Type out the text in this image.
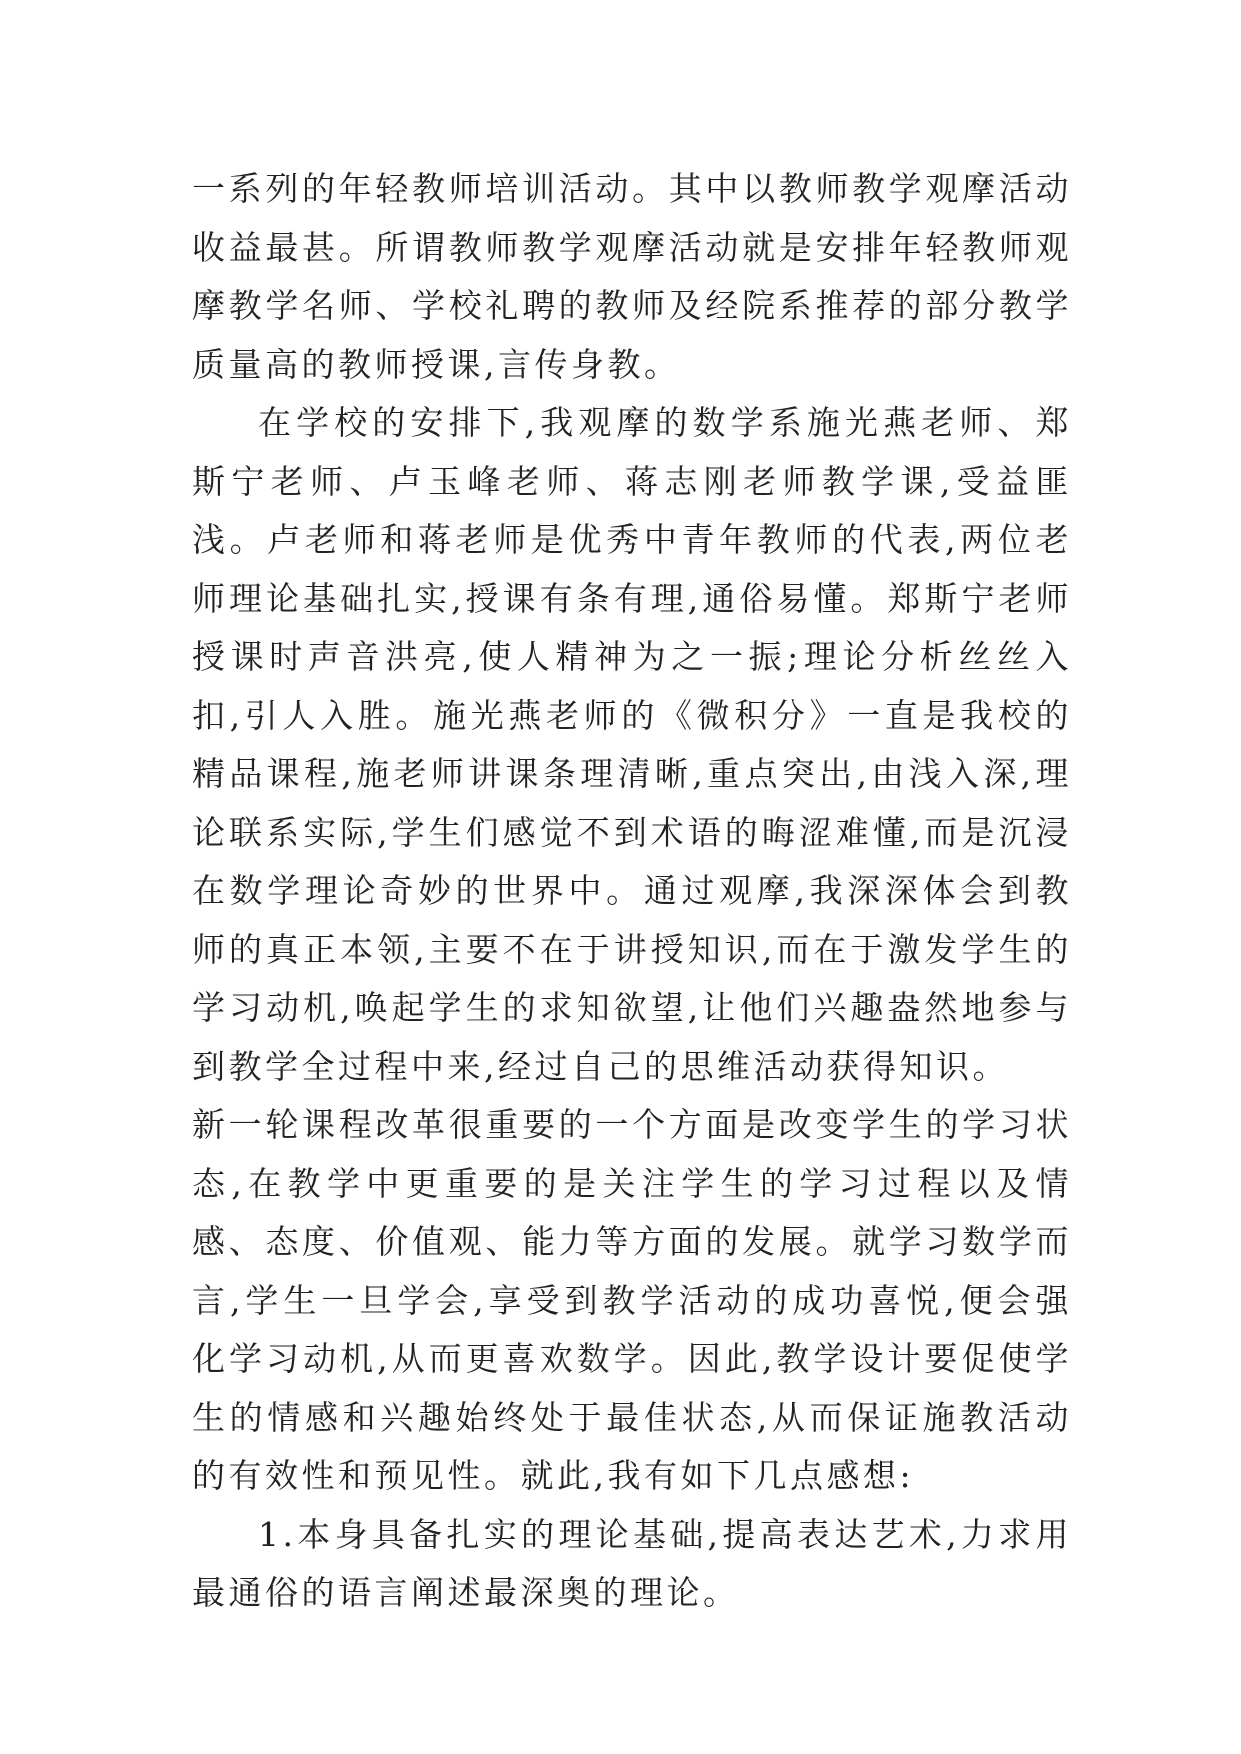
一系列的年轻教师培训活动。其中以教师教学观摩活动收益最甚。所谓教师教学观摩活动就是安排年轻教师观摩教学名师、学校礼聘的教师及经院系推荐的部分教学质量高的教师授课,言传身教。

在学校的安排下,我观摩的数学系施光燕老师、郑斯宁老师、卢玉峰老师、蒋志刚老师教学课,受益匪浅。卢老师和蒋老师是优秀中青年教师的代表,两位老师理论基础扎实,授课有条有理,通俗易懂。郑斯宁老师授课时声音洪亮,使人精神为之一振;理论分析丝丝入扣,引人入胜。施光燕老师的《微积分》一直是我校的精品课程,施老师讲课条理清晰,重点突出,由浅入深,理论联系实际,学生们感觉不到术语的晦涩难懂,而是沉浸在数学理论奇妙的世界中。通过观摩,我深深体会到教师的真正本领,主要不在于讲授知识,而在于激发学生的学习动机,唤起学生的求知欲望,让他们兴趣盎然地参与到教学全过程中来,经过自己的思维活动获得知识。

新一轮课程改革很重要的一个方面是改变学生的学习状态,在教学中更重要的是关注学生的学习过程以及情感、态度、价值观、能力等方面的发展。就学习数学而言,学生一旦学会,享受到教学活动的成功喜悦,便会强化学习动机,从而更喜欢数学。因此,教学设计要促使学生的情感和兴趣始终处于最佳状态,从而保证施教活动的有效性和预见性。就此,我有如下几点感想:

1.本身具备扎实的理论基础,提高表达艺术,力求用最通俗的语言阐述最深奥的理论。
